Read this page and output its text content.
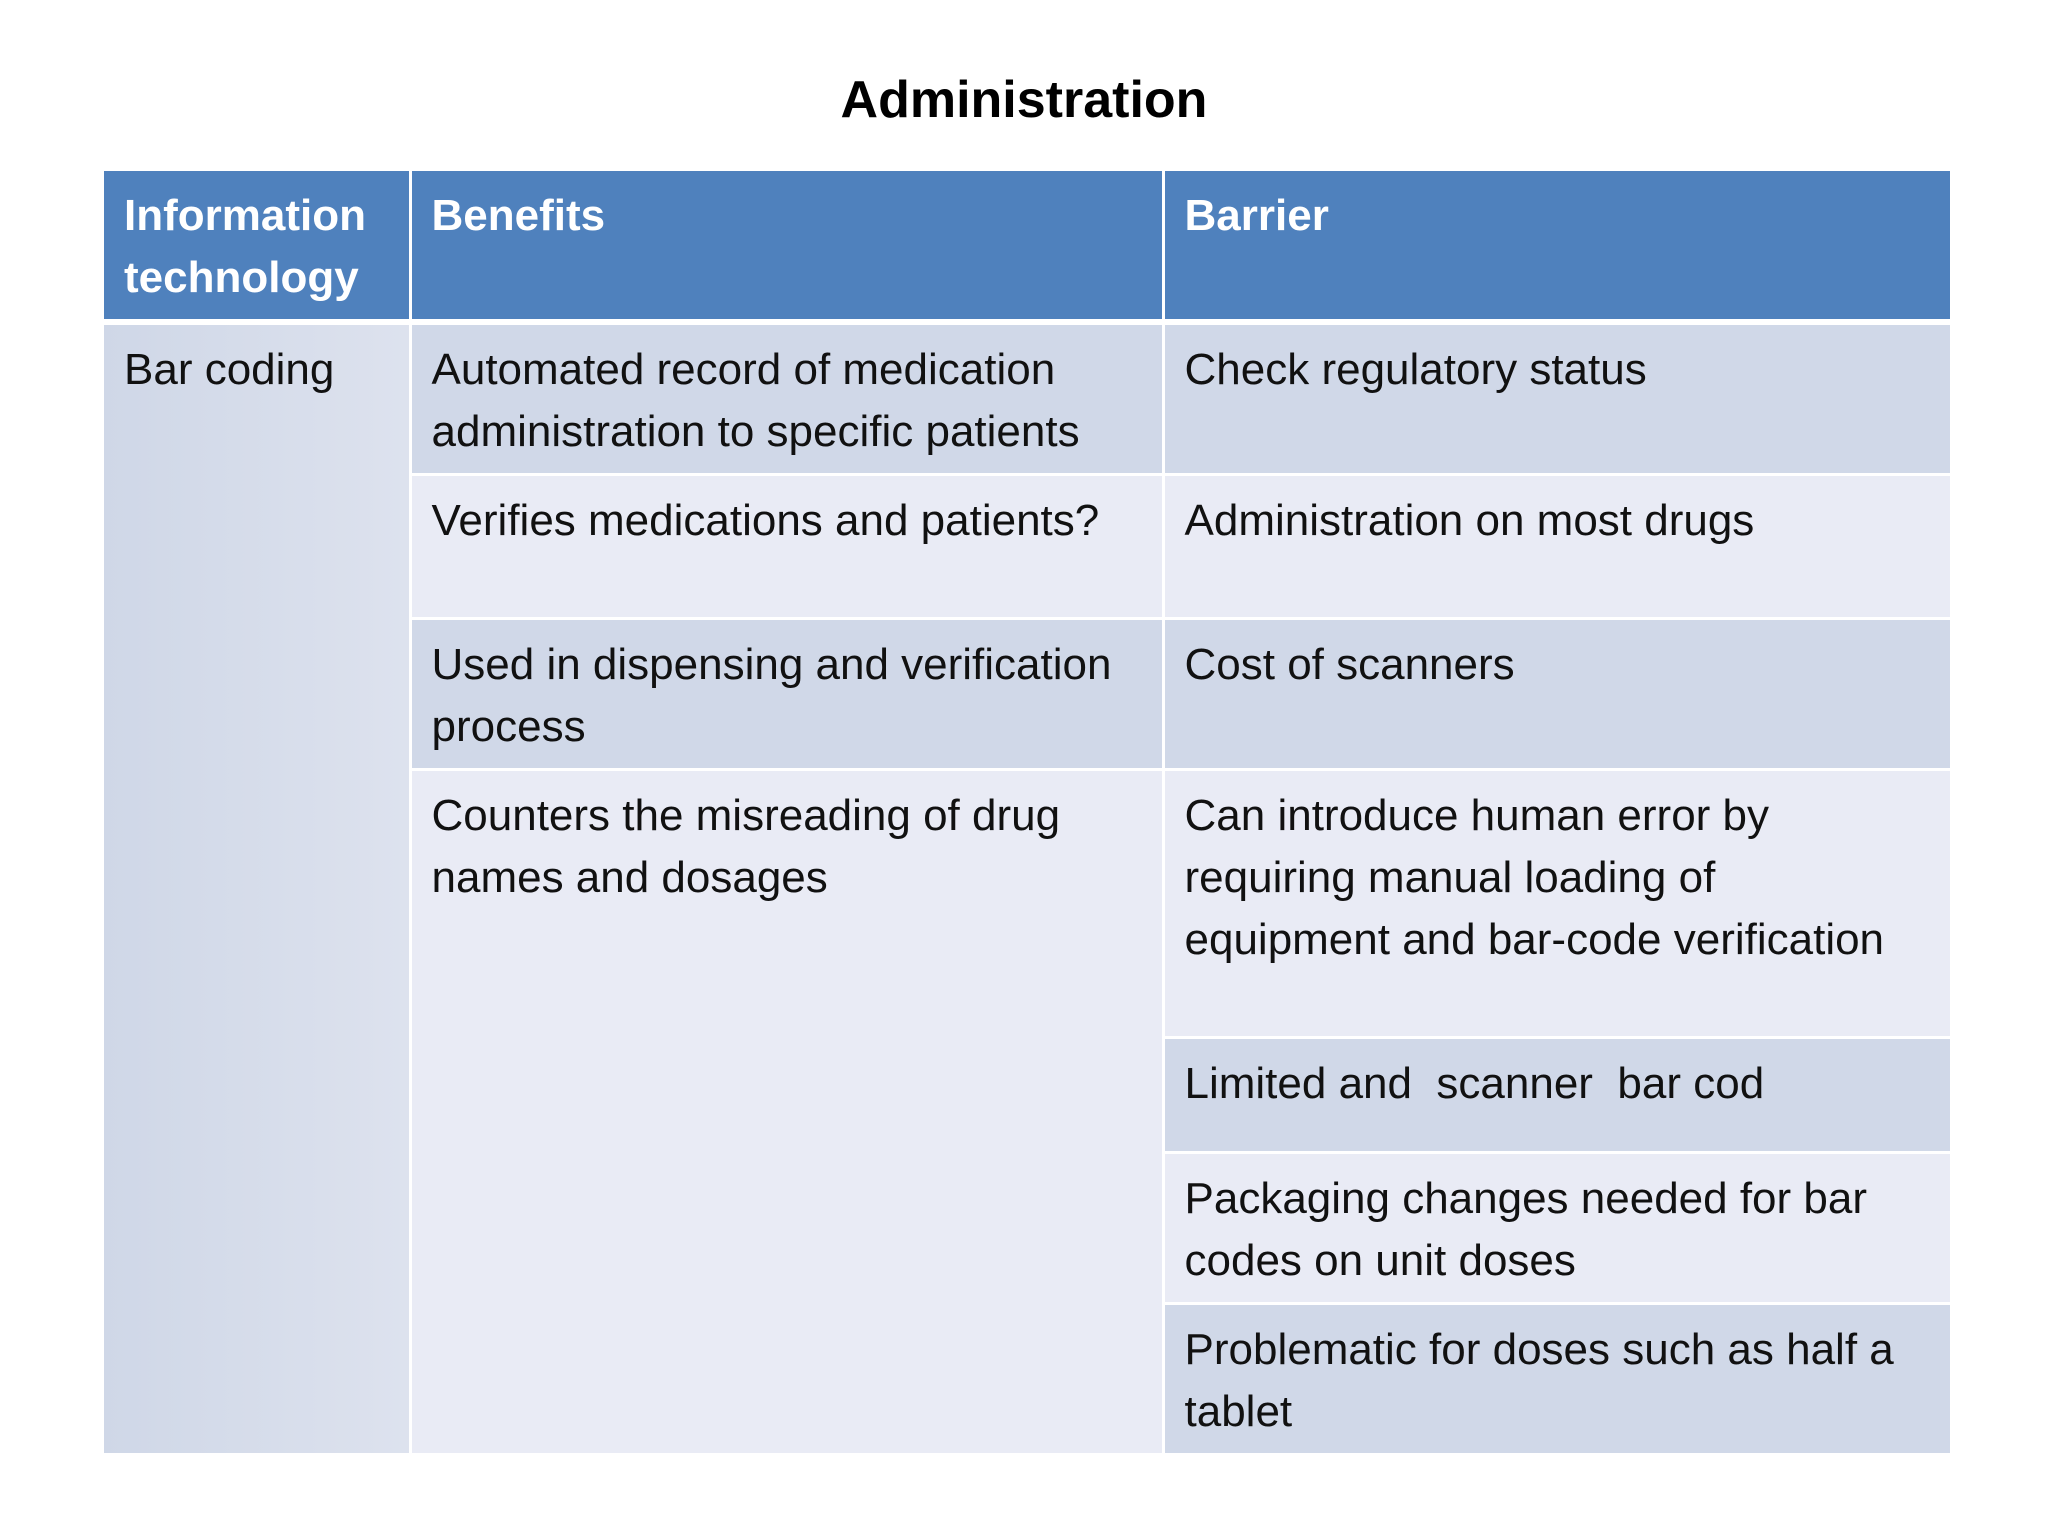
Administration
Information technology	Benefits	Barrier
Bar coding	Automated record of medication administration to specific patients	Check regulatory status
	Verifies medications and patients?	Administration on most drugs
	Used in dispensing and verification process	Cost of scanners
	Counters the misreading of drug names and dosages	Can introduce human error by requiring manual loading of equipment and bar-code verification
		Limited and  scanner  bar cod
		Packaging changes needed for bar codes on unit doses
		Problematic for doses such as half a tablet
